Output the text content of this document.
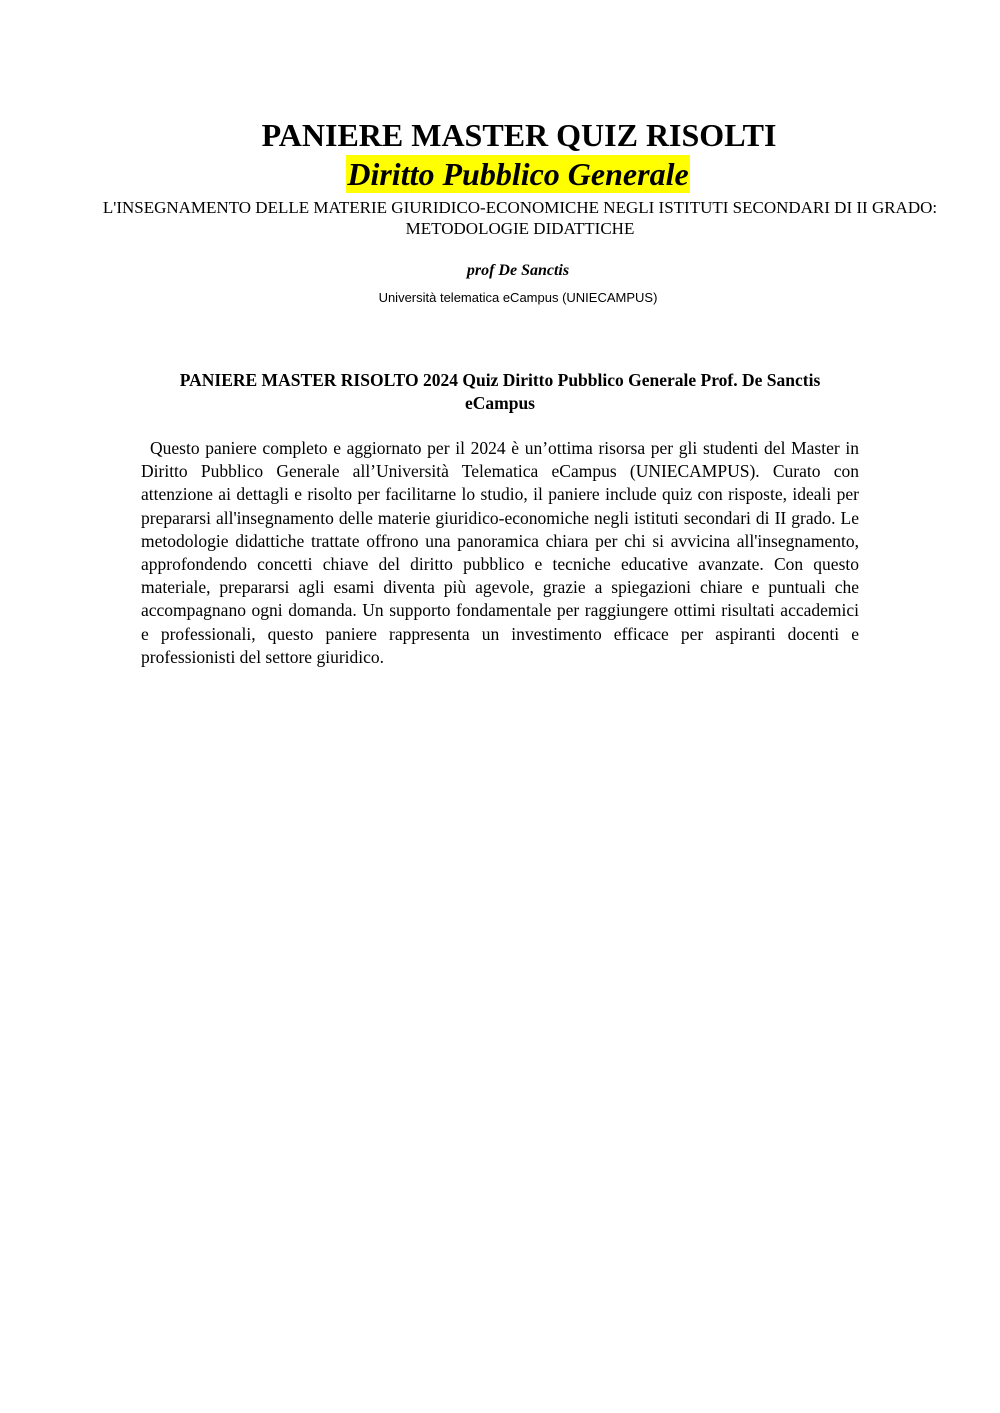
PANIERE MASTER QUIZ RISOLTI
Diritto Pubblico Generale

L'INSEGNAMENTO DELLE MATERIE GIURIDICO-ECONOMICHE NEGLI ISTITUTI SECONDARI DI II GRADO: METODOLOGIE DIDATTICHE

prof De Sanctis

Università telematica eCampus (UNIECAMPUS)

PANIERE MASTER RISOLTO 2024 Quiz Diritto Pubblico Generale Prof. De Sanctis eCampus

Questo paniere completo e aggiornato per il 2024 è un’ottima risorsa per gli studenti del Master in Diritto Pubblico Generale all’Università Telematica eCampus (UNIECAMPUS). Curato con attenzione ai dettagli e risolto per facilitarne lo studio, il paniere include quiz con risposte, ideali per prepararsi all'insegnamento delle materie giuridico-economiche negli istituti secondari di II grado. Le metodologie didattiche trattate offrono una panoramica chiara per chi si avvicina all'insegnamento, approfondendo concetti chiave del diritto pubblico e tecniche educative avanzate. Con questo materiale, prepararsi agli esami diventa più agevole, grazie a spiegazioni chiare e puntuali che accompagnano ogni domanda. Un supporto fondamentale per raggiungere ottimi risultati accademici e professionali, questo paniere rappresenta un investimento efficace per aspiranti docenti e professionisti del settore giuridico.
